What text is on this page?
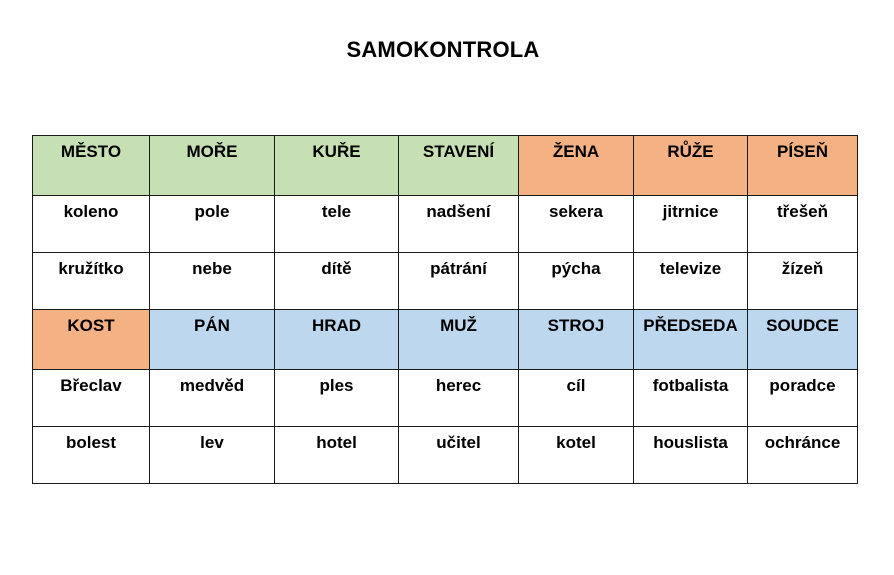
SAMOKONTROLA
MĚSTO	MOŘE	KUŘE	STAVENÍ	ŽENA	RŮŽE	PÍSEŇ
koleno	pole	tele	nadšení	sekera	jitrnice	třešeň
kružítko	nebe	dítě	pátrání	pýcha	televize	žízeň
KOST	PÁN	HRAD	MUŽ	STROJ	PŘEDSEDA	SOUDCE
Břeclav	medvěd	ples	herec	cíl	fotbalista	poradce
bolest	lev	hotel	učitel	kotel	houslista	ochránce
